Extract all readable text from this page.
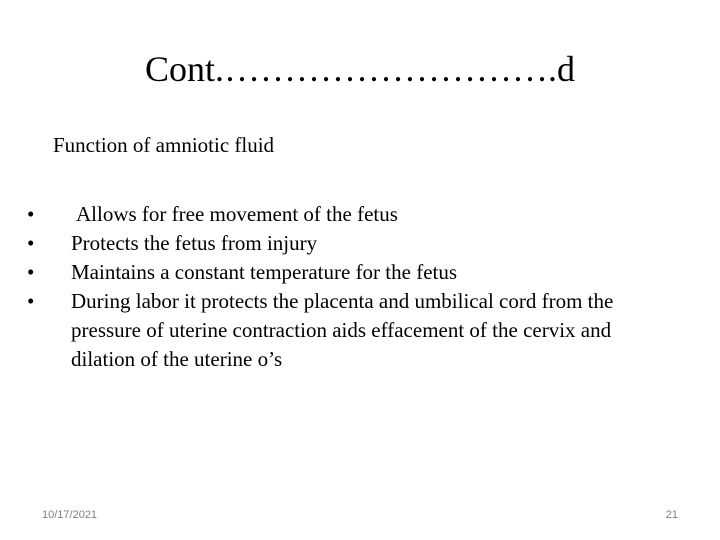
Cont.……………………….d
Function of amniotic fluid
•	Allows for free movement of the fetus
•	Protects the fetus from injury
•	Maintains a constant temperature for the fetus
•	During labor it protects the placenta and umbilical cord from the pressure of uterine contraction aids effacement of the cervix and dilation of the uterine o’s
10/17/2021	21
